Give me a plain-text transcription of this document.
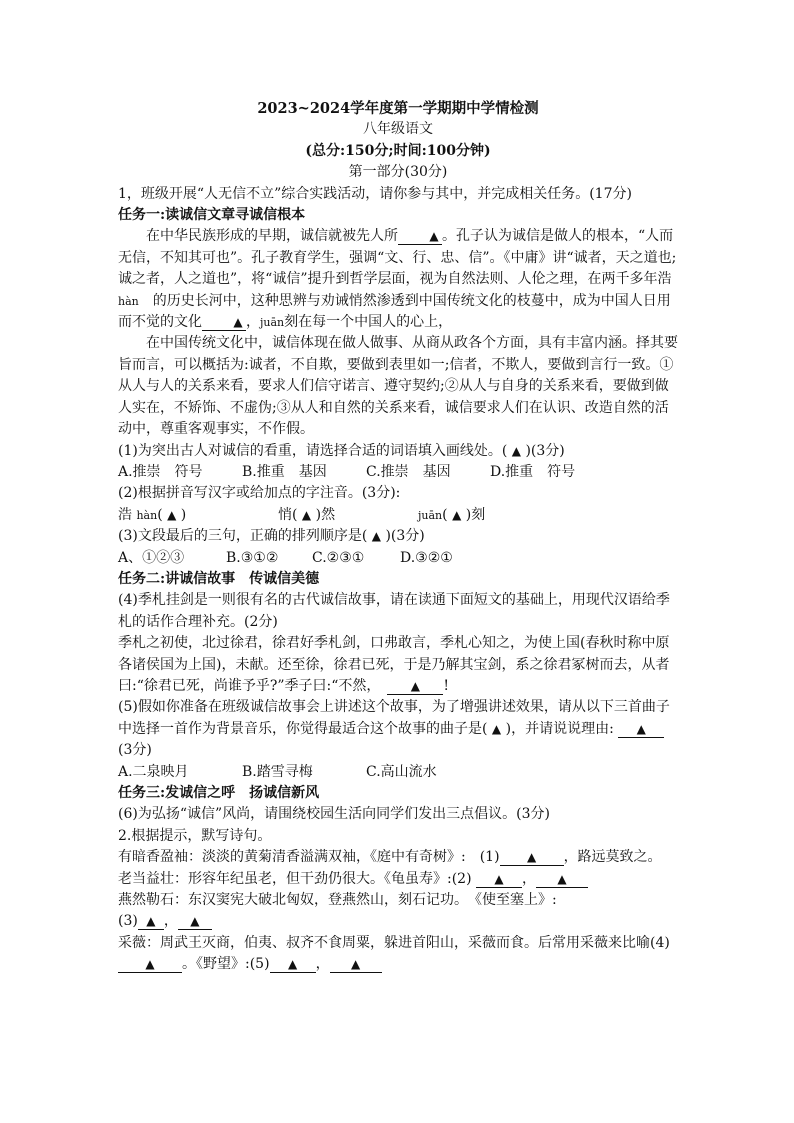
2023~2024学年度第一学期期中学情检测

八年级语文

(总分:150分;时间:100分钟)

第一部分(30分)

1，班级开展“人无信不立”综合实践活动，请你参与其中，并完成相关任务。(17分)

任务一:读诚信文章寻诚信根本

在中华民族形成的早期，诚信就被先人所	▲ 。孔子认为诚信是做人的根本，“人而无信，不知其可也”。孔子教育学生，强调“文、行、忠、信”。《中庸》讲“诚者，天之道也;诚之者，人之道也”，将“诚信”提升到哲学层面，视为自然法则、人伦之理，在两千多年浩　hàn　 的历史长河中，这种思辨与劝诫悄然渗透到中国传统文化的枝蔓中，成为中国人日用而不觉的文化	▲ ，juān刻在每一个中国人的心上，

在中国传统文化中，诚信体现在做人做事、从商从政各个方面，具有丰富内涵。择其要旨而言，可以概括为:诚者，不自欺，要做到表里如一;信者，不欺人，要做到言行一致。①从人与人的关系来看，要求人们信守诺言、遵守契约;②从人与自身的关系来看，要做到做人实在，不矫饰、不虚伪;③从人和自然的关系来看，诚信要求人们在认识、改造自然的活动中，尊重客观事实，不作假。

(1)为突出古人对诚信的看重，请选择合适的词语填入画线处。( ▲ )(3分)

A.推崇　符号	B.推重　基因	C.推崇　基因	D.推重　符号

(2)根据拼音写汉字或给加点的字注音。(3分):

浩 hàn( ▲ )	悄( ▲ )然	juān( ▲ )刻

(3)文段最后的三句，正确的排列顺序是( ▲ )(3分)

A、①②③	B.③①② C.②③①	D.③②①

任务二:讲诚信故事　传诚信美德

(4)季札挂剑是一则很有名的古代诚信故事，请在读通下面短文的基础上，用现代汉语给季札的话作合理补充。(2分)

季札之初使，北过徐君，徐君好季札剑，口弗敢言，季札心知之，为使上国(春秋时称中原各诸侯国为上国)，未献。还至徐，徐君已死，于是乃解其宝剑，系之徐君冢树而去，从者曰:“徐君已死，尚谁予乎?”季子曰:“不然，　	▲ !

(5)假如你准备在班级诚信故事会上讲述这个故事，为了增强讲述效果，请从以下三首曲子中选择一首作为背景音乐，你觉得最适合这个故事的曲子是( ▲ )，并请说说理由: ▲ (3分)

A.二泉映月	B.踏雪寻梅	C.高山流水

任务三:发诚信之呼　扬诚信新风

(6)为弘扬“诚信”风尚，请围绕校园生活向同学们发出三点倡议。(3分)

2.根据提示，默写诗句。

有暗香盈袖：淡淡的黄菊清香溢满双袖，《庭中有奇树》:　 (1) ▲ ，路远莫致之。

老当益壮：形容年纪虽老，但干劲仍很大。《龟虽寿》:(2) ▲ ， ▲

燕然勒石：东汉窦宪大破北匈奴，登燕然山，刻石记功。　《使至塞上》:
(3) ▲ ， ▲

采薇：周武王灭商，伯夷、叔齐不食周粟，躲进首阳山，采薇而食。后常用采薇来比喻(4)▲ 。《野望》:(5) ▲ ， ▲
